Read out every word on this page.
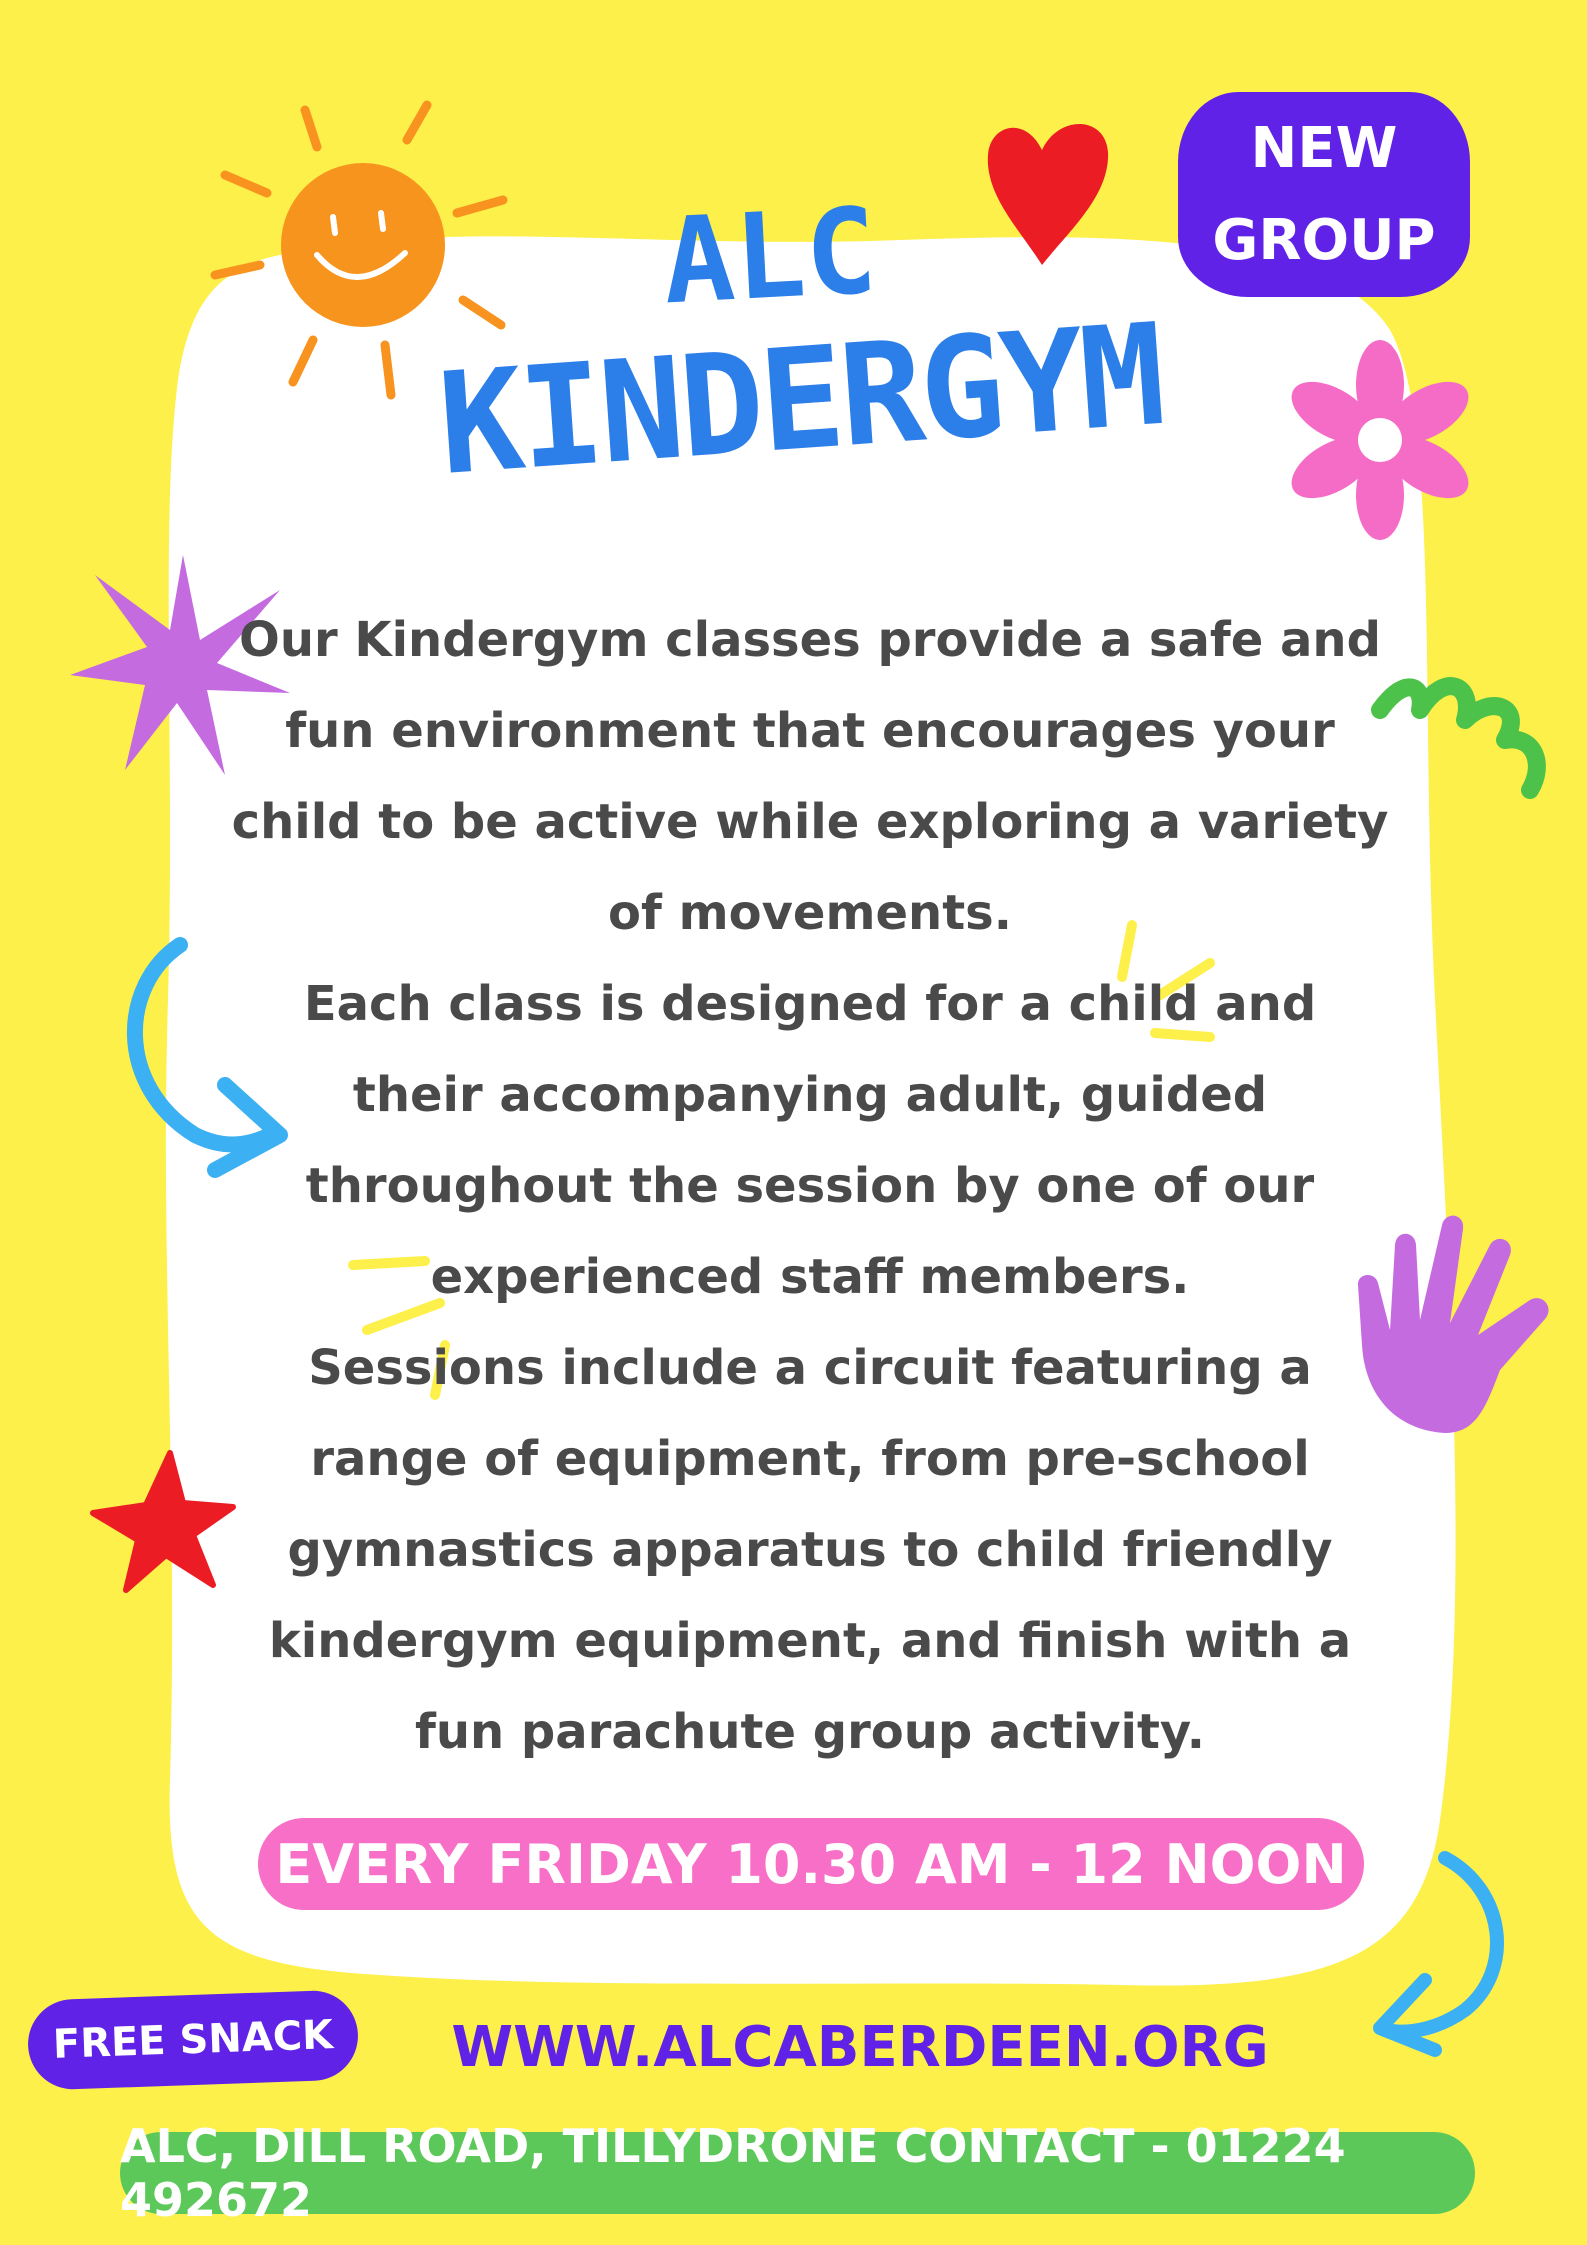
NEW
GROUP
ALC
KINDERGYM

Our Kindergym classes provide a safe and
fun environment that encourages your
child to be active while exploring a variety
of movements.

Each class is designed for a child and
their accompanying adult, guided
throughout the session by one of our
experienced staff members.

Sessions include a circuit featuring a
range of equipment, from pre-school
gymnastics apparatus to child friendly
kindergym equipment, and finish with a
fun parachute group activity.

EVERY FRIDAY 10.30 AM - 12 NOON
FREE SNACK WWW.ALCABERDEEN.ORG
ALC, DILL ROAD, TILLYDRONE CONTACT - 01224 492672
